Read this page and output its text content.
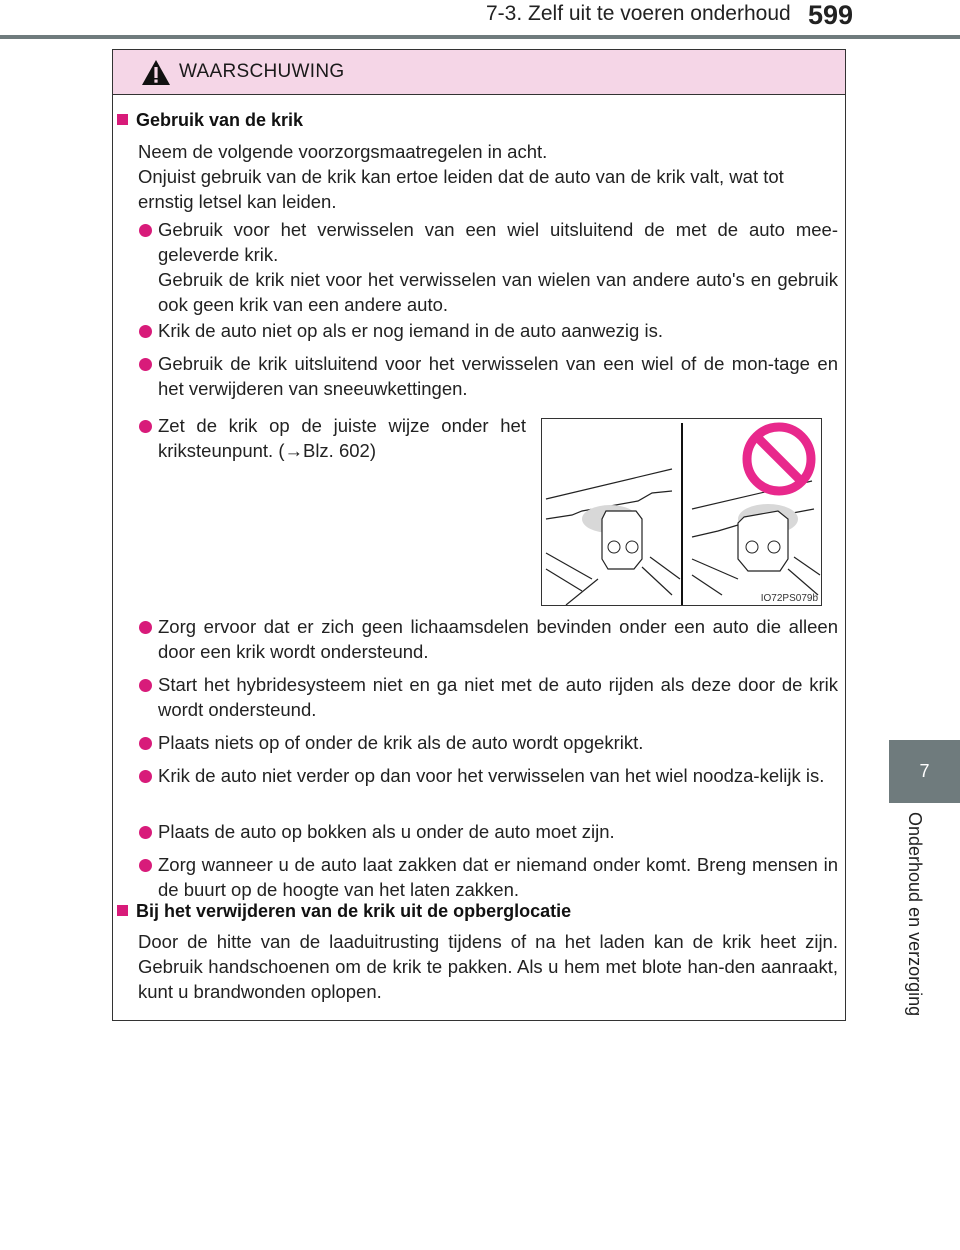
7-3. Zelf uit te voeren onderhoud 599
7
Onderhoud en verzorging
WAARSCHUWING
Gebruik van de krik
Neem de volgende voorzorgsmaatregelen in acht.
Onjuist gebruik van de krik kan ertoe leiden dat de auto van de krik valt, wat tot ernstig letsel kan leiden.
Gebruik voor het verwisselen van een wiel uitsluitend de met de auto mee-geleverde krik.
Gebruik de krik niet voor het verwisselen van wielen van andere auto's en gebruik ook geen krik van een andere auto.
Krik de auto niet op als er nog iemand in de auto aanwezig is.
Gebruik de krik uitsluitend voor het verwisselen van een wiel of de mon-tage en het verwijderen van sneeuwkettingen.
Zet de krik op de juiste wijze onder het kriksteunpunt. (→Blz. 602)
IO72PS079b
Zorg ervoor dat er zich geen lichaamsdelen bevinden onder een auto die alleen door een krik wordt ondersteund.
Start het hybridesysteem niet en ga niet met de auto rijden als deze door de krik wordt ondersteund.
Plaats niets op of onder de krik als de auto wordt opgekrikt.
Krik de auto niet verder op dan voor het verwisselen van het wiel noodza-kelijk is.
Plaats de auto op bokken als u onder de auto moet zijn.
Zorg wanneer u de auto laat zakken dat er niemand onder komt. Breng mensen in de buurt op de hoogte van het laten zakken.
Bij het verwijderen van de krik uit de opberglocatie
Door de hitte van de laaduitrusting tijdens of na het laden kan de krik heet zijn. Gebruik handschoenen om de krik te pakken. Als u hem met blote han-den aanraakt, kunt u brandwonden oplopen.
